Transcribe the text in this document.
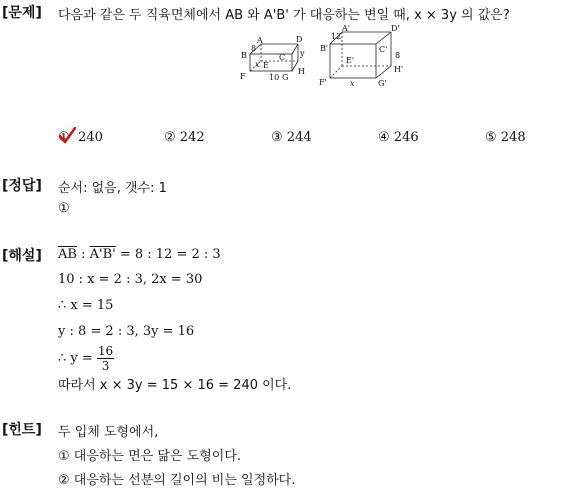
[문제] 다음과 같은 두 직육면체에서 AB 와 A'B' 가 대응하는 변일 때, x × 3y 의 값은?
A
B	C
D
E
F	G
H
8
10
y
x
A'
B'	C'
D'
E'
F'	G'
H'
12
x
8
① 240	② 242	③ 244	④ 246	⑤ 248
[정답] 순서: 없음, 갯수: 1
①
[해설] $\overline{AB}$ : A'B' = 8 : 12 = 2 : 3
10 : x = 2 : 3, 2x = 30
∴ x = 15
y : 8 = 2 : 3, 3y = 16
∴ $y = \frac{16}{3}$
따라서 x × 3y = 15 × 16 = 240 이다.
[힌트] 두 입체 도형에서,
① 대응하는 면은 닮은 도형이다.
② 대응하는 선분의 길이의 비는 일정하다.
